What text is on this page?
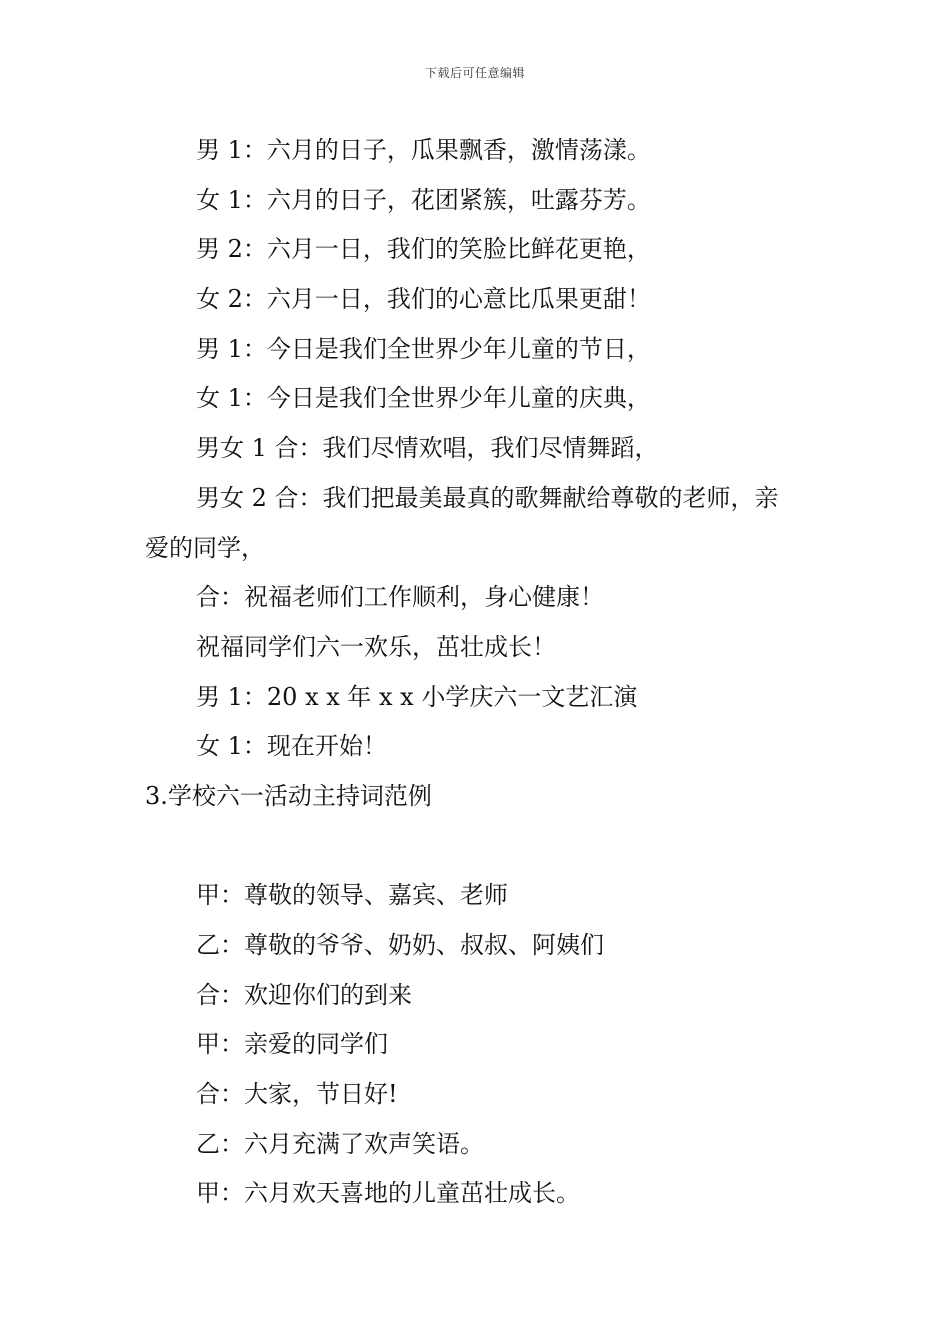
下载后可任意编辑
男 1：六月的日子，瓜果飘香，激情荡漾。
女 1：六月的日子，花团紧簇，吐露芬芳。
男 2：六月一日，我们的笑脸比鲜花更艳，
女 2：六月一日，我们的心意比瓜果更甜！
男 1：今日是我们全世界少年儿童的节日，
女 1：今日是我们全世界少年儿童的庆典，
男女 1 合：我们尽情欢唱，我们尽情舞蹈，
男女 2 合：我们把最美最真的歌舞献给尊敬的老师，亲
爱的同学，
合：祝福老师们工作顺利，身心健康！
祝福同学们六一欢乐，茁壮成长！
男 1：20 x x 年 x x 小学庆六一文艺汇演
女 1：现在开始！
3.学校六一活动主持词范例
甲：尊敬的领导、嘉宾、老师
乙：尊敬的爷爷、奶奶、叔叔、阿姨们
合：欢迎你们的到来
甲：亲爱的同学们
合：大家，节日好!
乙：六月充满了欢声笑语。
甲：六月欢天喜地的儿童茁壮成长。
